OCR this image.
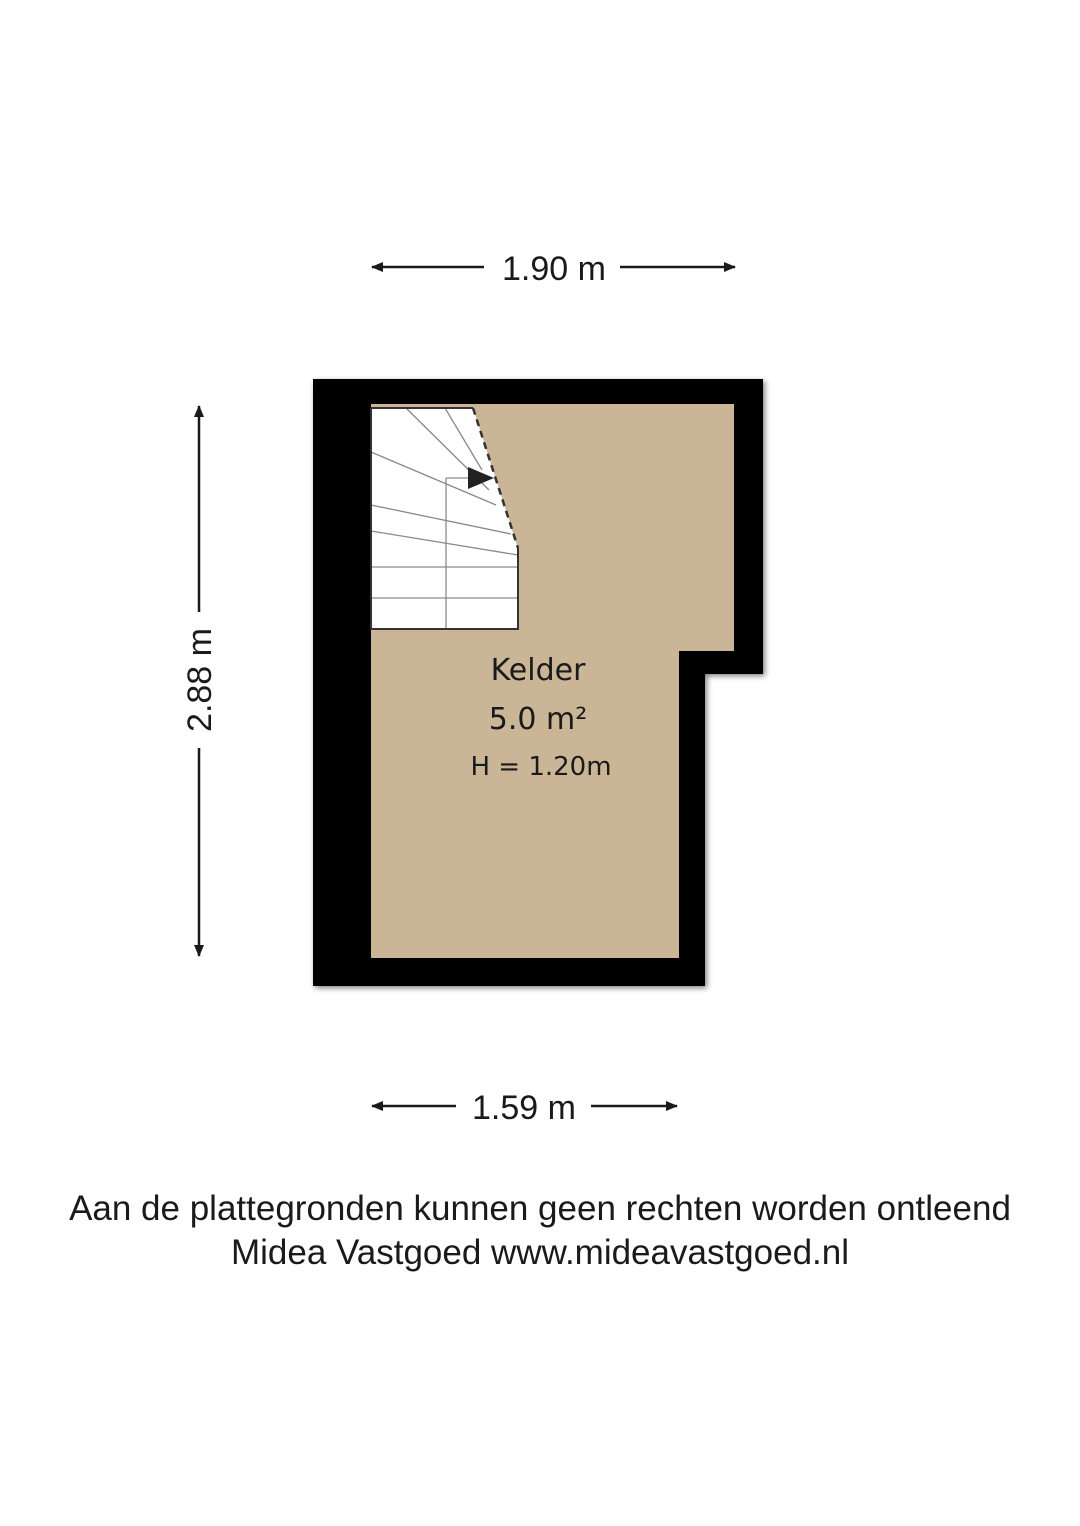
1.90 m
2.88 m	Kelder
5.0 m²
H = 1.20m
1.59 m
Aan de plattegronden kunnen geen rechten worden ontleend
Midea Vastgoed www.mideavastgoed.nl
